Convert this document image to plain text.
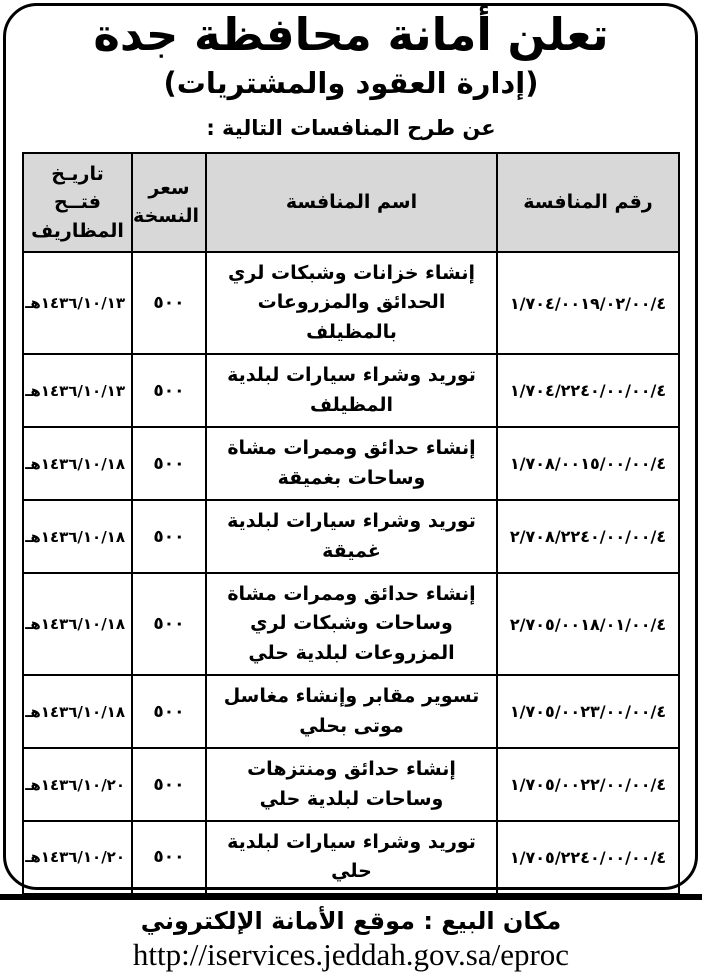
تعلن أمانة محافظة جدة
(إدارة العقود والمشتريات)
عن طرح المنافسات التالية :
رقم المنافسة	اسم المنافسة	سعر النسخة	تاريـخ فتــح المظاريف
١/٧٠٤/٠٠١٩/٠٢/٠٠/٤	إنشاء خزانات وشبكات لري الحدائق والمزروعات بالمظيلف	٥٠٠	١٤٣٦/١٠/١٣هـ
١/٧٠٤/٢٢٤٠/٠٠/٠٠/٤	توريد وشراء سيارات لبلدية المظيلف	٥٠٠	١٤٣٦/١٠/١٣هـ
١/٧٠٨/٠٠١٥/٠٠/٠٠/٤	إنشاء حدائق وممرات مشاة وساحات بغميقة	٥٠٠	١٤٣٦/١٠/١٨هـ
٢/٧٠٨/٢٢٤٠/٠٠/٠٠/٤	توريد وشراء سيارات لبلدية غميقة	٥٠٠	١٤٣٦/١٠/١٨هـ
٢/٧٠٥/٠٠١٨/٠١/٠٠/٤	إنشاء حدائق وممرات مشاة وساحات وشبكات لري المزروعات لبلدية حلي	٥٠٠	١٤٣٦/١٠/١٨هـ
١/٧٠٥/٠٠٢٣/٠٠/٠٠/٤	تسوير مقابر وإنشاء مغاسل موتى بحلي	٥٠٠	١٤٣٦/١٠/١٨هـ
١/٧٠٥/٠٠٢٢/٠٠/٠٠/٤	إنشاء حدائق ومنتزهات وساحات لبلدية حلي	٥٠٠	١٤٣٦/١٠/٢٠هـ
١/٧٠٥/٢٢٤٠/٠٠/٠٠/٤	توريد وشراء سيارات لبلدية حلي	٥٠٠	١٤٣٦/١٠/٢٠هـ
مكان البيع : موقع الأمانة الإلكتروني
http://iservices.jeddah.gov.sa/eproc
